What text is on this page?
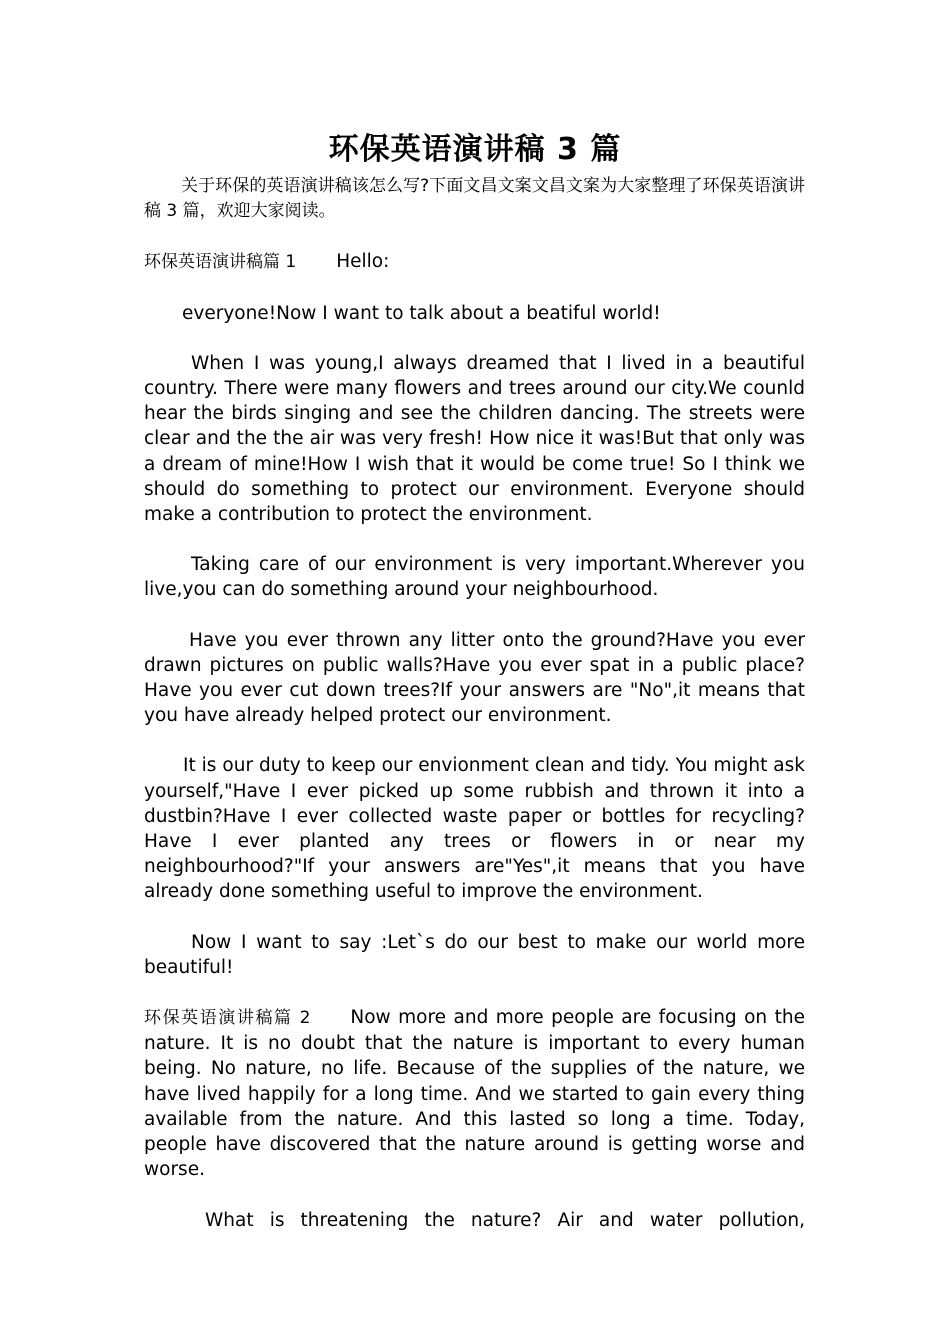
环保英语演讲稿 3 篇

关于环保的英语演讲稿该怎么写?下面文昌文案文昌文案为大家整理了环保英语演讲稿 3 篇，欢迎大家阅读。

环保英语演讲稿篇 1 Hello:

everyone!Now I want to talk about a beatiful world!

When I was young,I always dreamed that I lived in a beautiful country. There were many flowers and trees around our city.We counld hear the birds singing and see the children dancing. The streets were clear and the the air was very fresh! How nice it was!But that only was a dream of mine!How I wish that it would be come true! So I think we should do something to protect our environment. Everyone should make a contribution to protect the environment.

Taking care of our environment is very important.Wherever you live,you can do something around your neighbourhood.

Have you ever thrown any litter onto the ground?Have you ever drawn pictures on public walls?Have you ever spat in a public place? Have you ever cut down trees?If your answers are "No",it means that you have already helped protect our environment.

It is our duty to keep our envionment clean and tidy. You might ask yourself,"Have I ever picked up some rubbish and thrown it into a dustbin?Have I ever collected waste paper or bottles for recycling?Have I ever planted any trees or flowers in or near my neighbourhood?"If your answers are"Yes",it means that you have already done something useful to improve the environment.

Now I want to say :Let`s do our best to make our world more beautiful!

环保英语演讲稿篇 2 Now more and more people are focusing on the nature. It is no doubt that the nature is important to every human being. No nature, no life. Because of the supplies of the nature, we have lived happily for a long time. And we started to gain every thing available from the nature. And this lasted so long a time. Today, people have discovered that the nature around is getting worse and worse.

What is threatening the nature? Air and water pollution,
